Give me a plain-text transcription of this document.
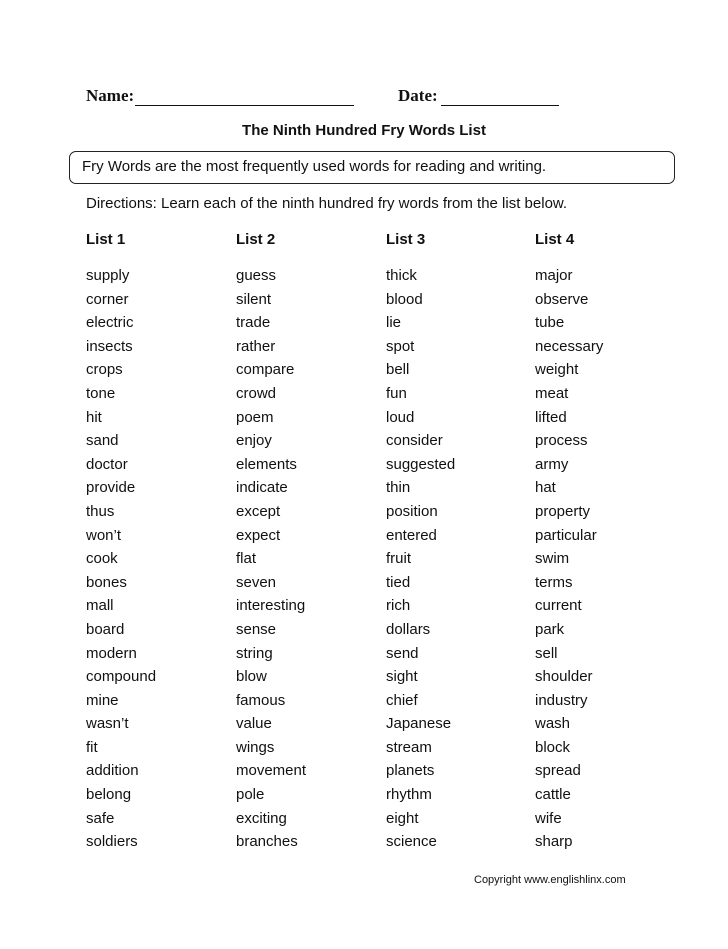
Name:	Date:
The Ninth Hundred Fry Words List
Fry Words are the most frequently used words for reading and writing.
Directions: Learn each of the ninth hundred fry words from the list below.
List 1
supply
corner
electric
insects
crops
tone
hit
sand
doctor
provide
thus
won’t
cook
bones
mall
board
modern
compound
mine
wasn’t
fit
addition
belong
safe
soldiers
List 2
guess
silent
trade
rather
compare
crowd
poem
enjoy
elements
indicate
except
expect
flat
seven
interesting
sense
string
blow
famous
value
wings
movement
pole
exciting
branches
List 3
thick
blood
lie
spot
bell
fun
loud
consider
suggested
thin
position
entered
fruit
tied
rich
dollars
send
sight
chief
Japanese
stream
planets
rhythm
eight
science
List 4
major
observe
tube
necessary
weight
meat
lifted
process
army
hat
property
particular
swim
terms
current
park
sell
shoulder
industry
wash
block
spread
cattle
wife
sharp
Copyright www.englishlinx.com
